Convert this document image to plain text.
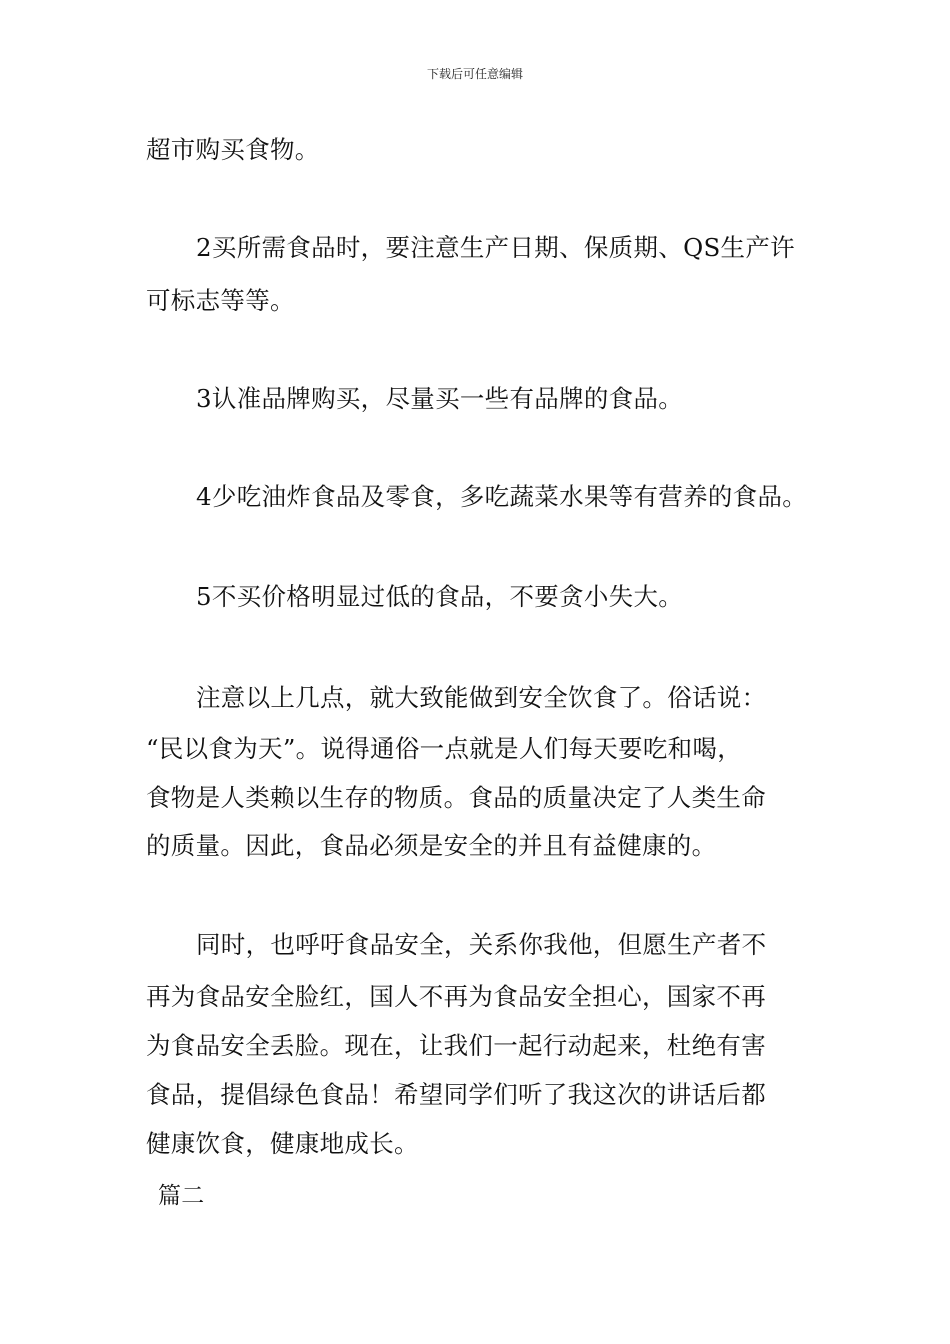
下载后可任意编辑
超市购买食物。
2买所需食品时，要注意生产日期、保质期、QS生产许
可标志等等。
3认准品牌购买，尽量买一些有品牌的食品。
4少吃油炸食品及零食，多吃蔬菜水果等有营养的食品。
5不买价格明显过低的食品，不要贪小失大。
注意以上几点，就大致能做到安全饮食了。俗话说：
“民以食为天”。说得通俗一点就是人们每天要吃和喝，
食物是人类赖以生存的物质。食品的质量决定了人类生命
的质量。因此，食品必须是安全的并且有益健康的。
同时，也呼吁食品安全，关系你我他，但愿生产者不
再为食品安全脸红，国人不再为食品安全担心，国家不再
为食品安全丢脸。现在，让我们一起行动起来，杜绝有害
食品，提倡绿色食品！希望同学们听了我这次的讲话后都
健康饮食，健康地成长。
篇二
